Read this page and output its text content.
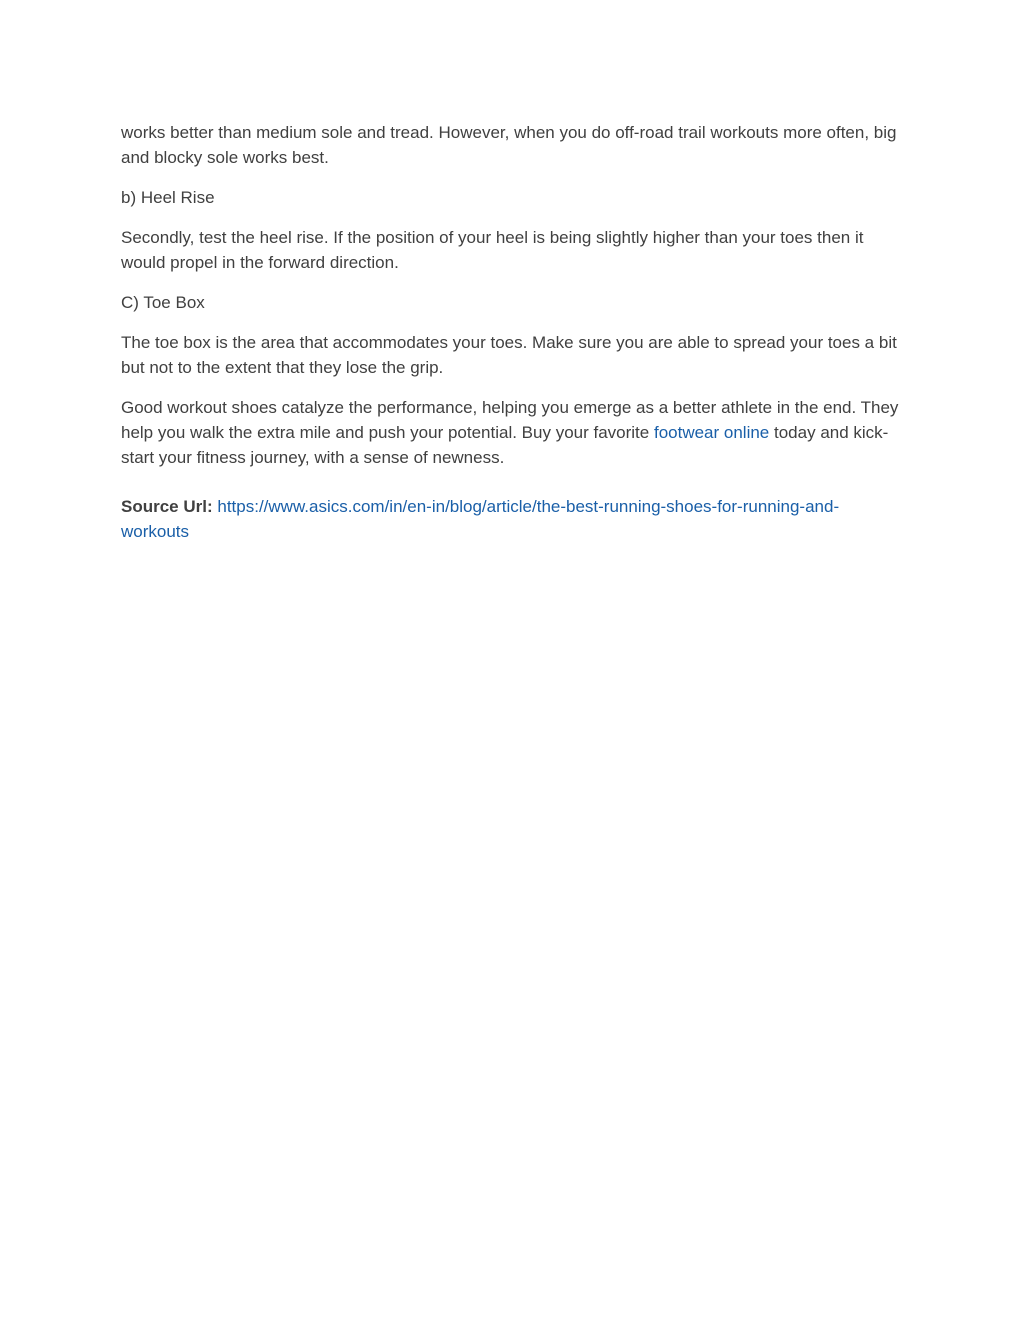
works better than medium sole and tread. However, when you do off-road trail workouts more often, big and blocky sole works best.

b) Heel Rise

Secondly, test the heel rise. If the position of your heel is being slightly higher than your toes then it would propel in the forward direction.

C) Toe Box

The toe box is the area that accommodates your toes. Make sure you are able to spread your toes a bit but not to the extent that they lose the grip.

Good workout shoes catalyze the performance, helping you emerge as a better athlete in the end. They help you walk the extra mile and push your potential. Buy your favorite footwear online today and kick-start your fitness journey, with a sense of newness.

Source Url: https://www.asics.com/in/en-in/blog/article/the-best-running-shoes-for-running-and-workouts
